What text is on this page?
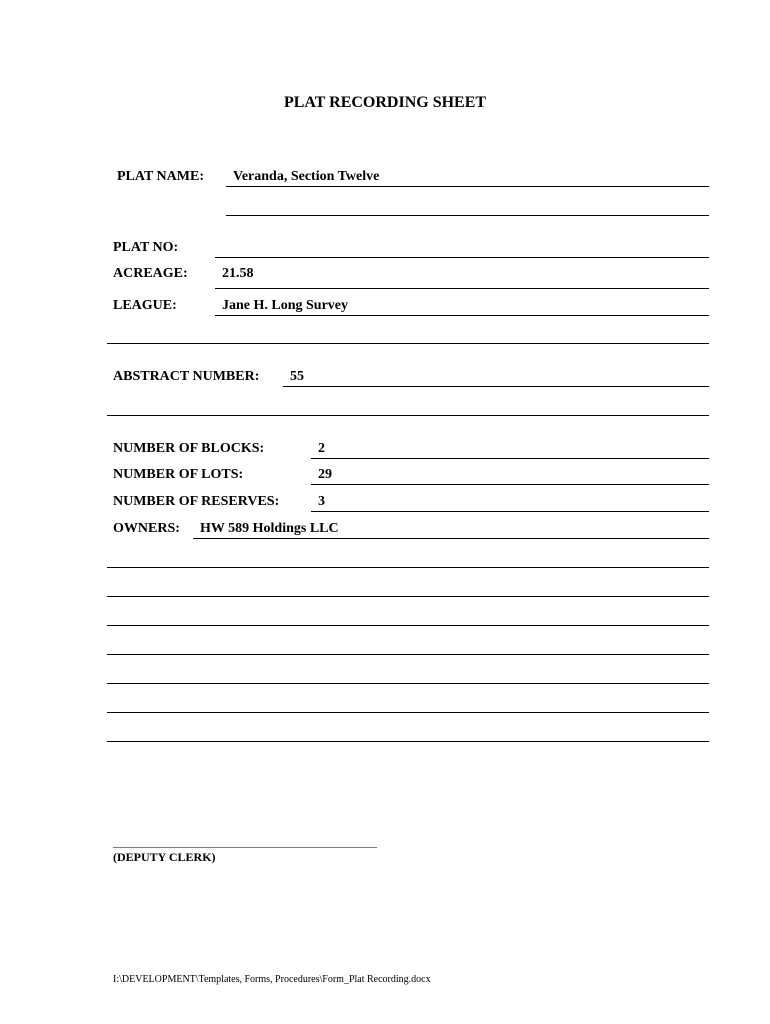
PLAT RECORDING SHEET
PLAT NAME: Veranda, Section Twelve
PLAT NO:
ACREAGE: 21.58
LEAGUE:	Jane H. Long Survey
ABSTRACT NUMBER: 55
NUMBER OF BLOCKS:	2
NUMBER OF LOTS:	29
NUMBER OF RESERVES:	3
OWNERS: HW 589 Holdings LLC
________________________________________________
(DEPUTY CLERK)
I:\DEVELOPMENT\Templates, Forms, Procedures\Form_Plat Recording.docx
